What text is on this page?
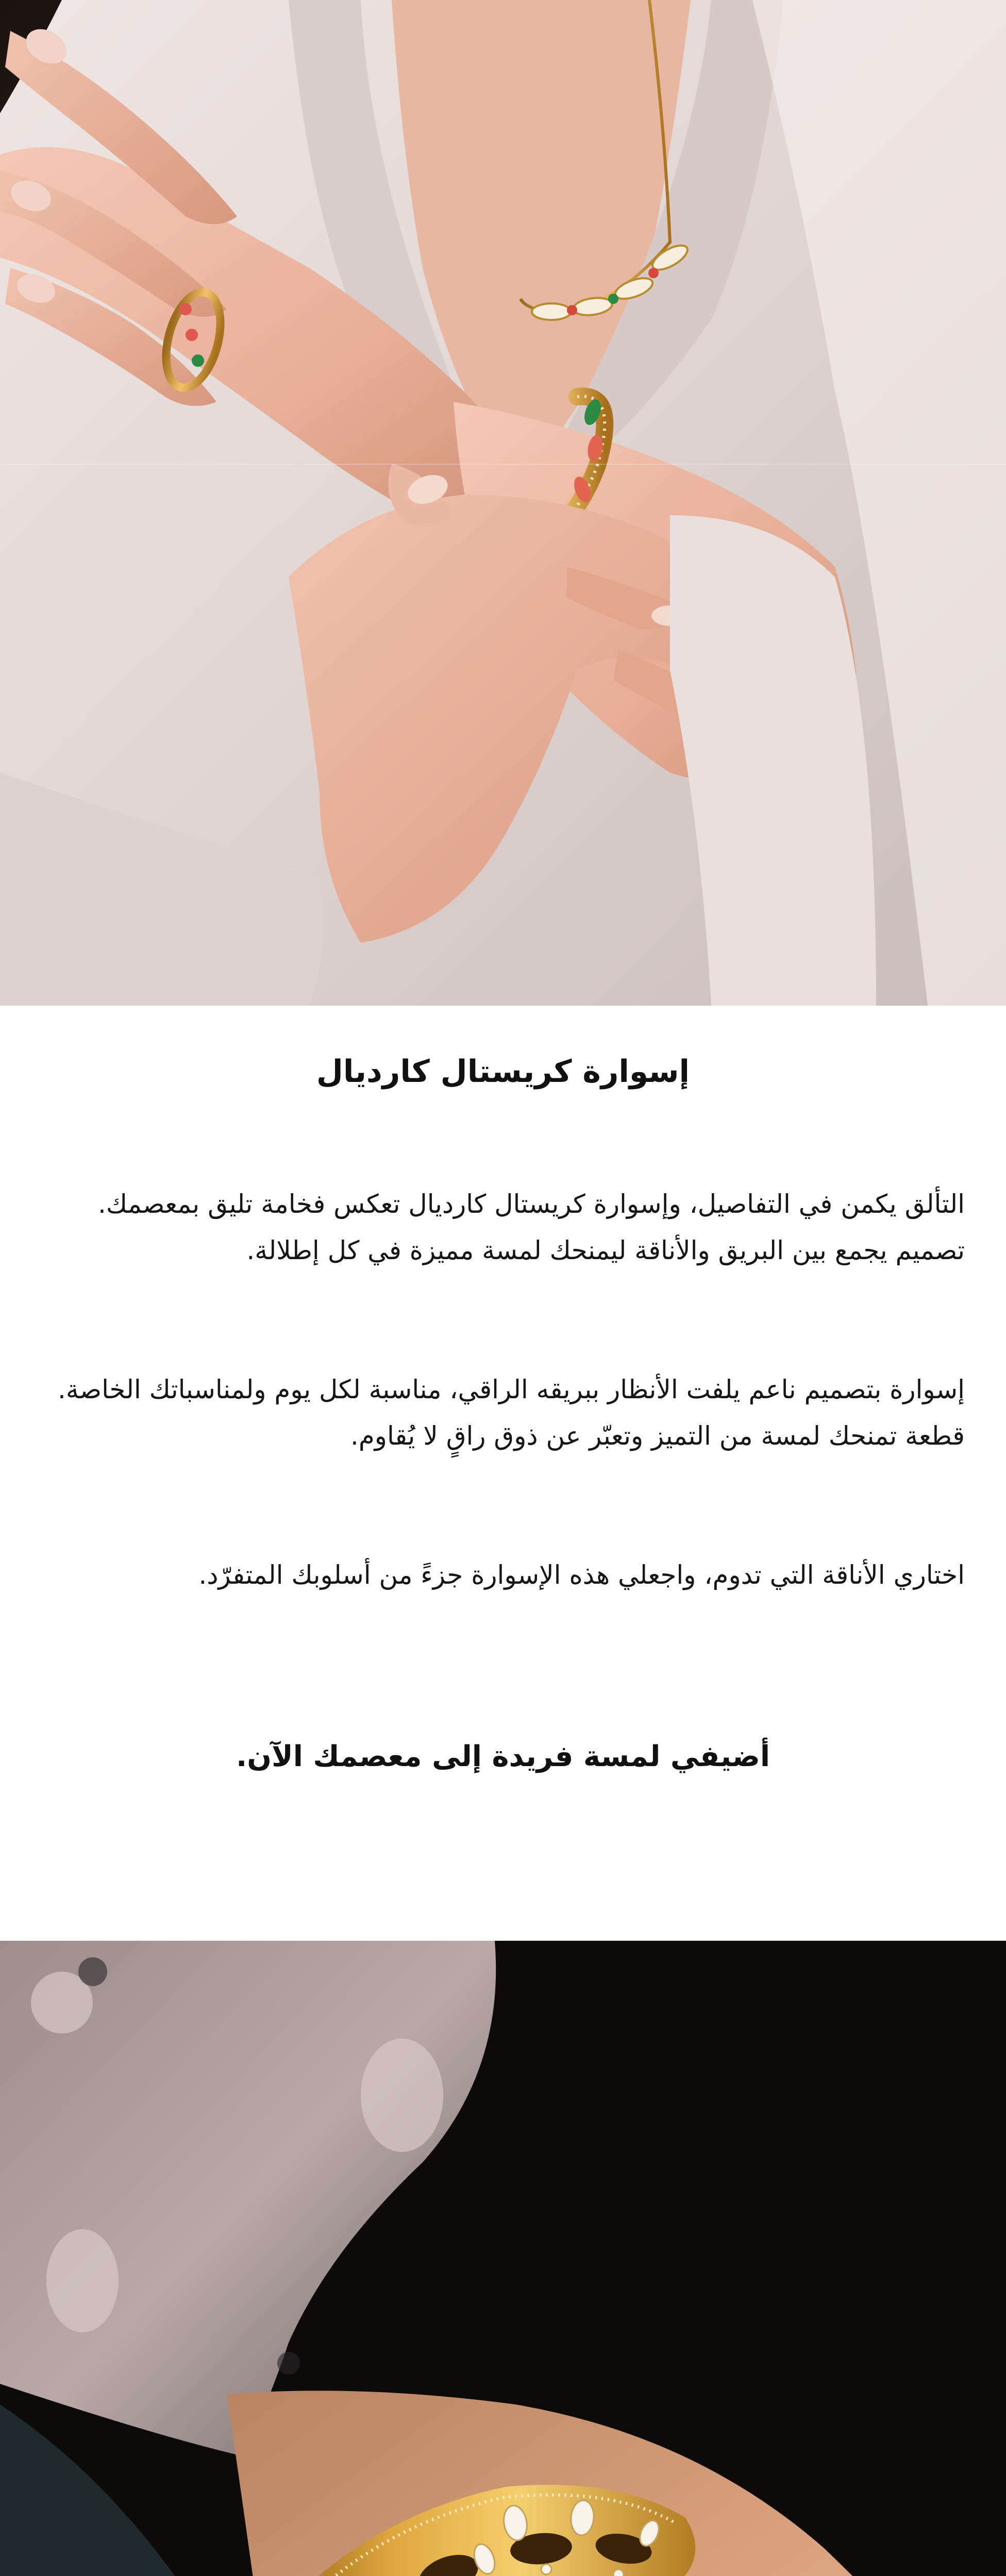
إسوارة كريستال كارديال

التألق يكمن في التفاصيل، وإسوارة كريستال كارديال تعكس فخامة تليق بمعصمك. تصميم يجمع بين البريق والأناقة ليمنحك لمسة مميزة في كل إطلالة.

إسوارة بتصميم ناعم يلفت الأنظار ببريقه الراقي، مناسبة لكل يوم ولمناسباتك الخاصة. قطعة تمنحك لمسة من التميز وتعبّر عن ذوق راقٍ لا يُقاوم.

اختاري الأناقة التي تدوم، واجعلي هذه الإسوارة جزءً من أسلوبك المتفرّد.

أضيفي لمسة فريدة إلى معصمك الآن.
